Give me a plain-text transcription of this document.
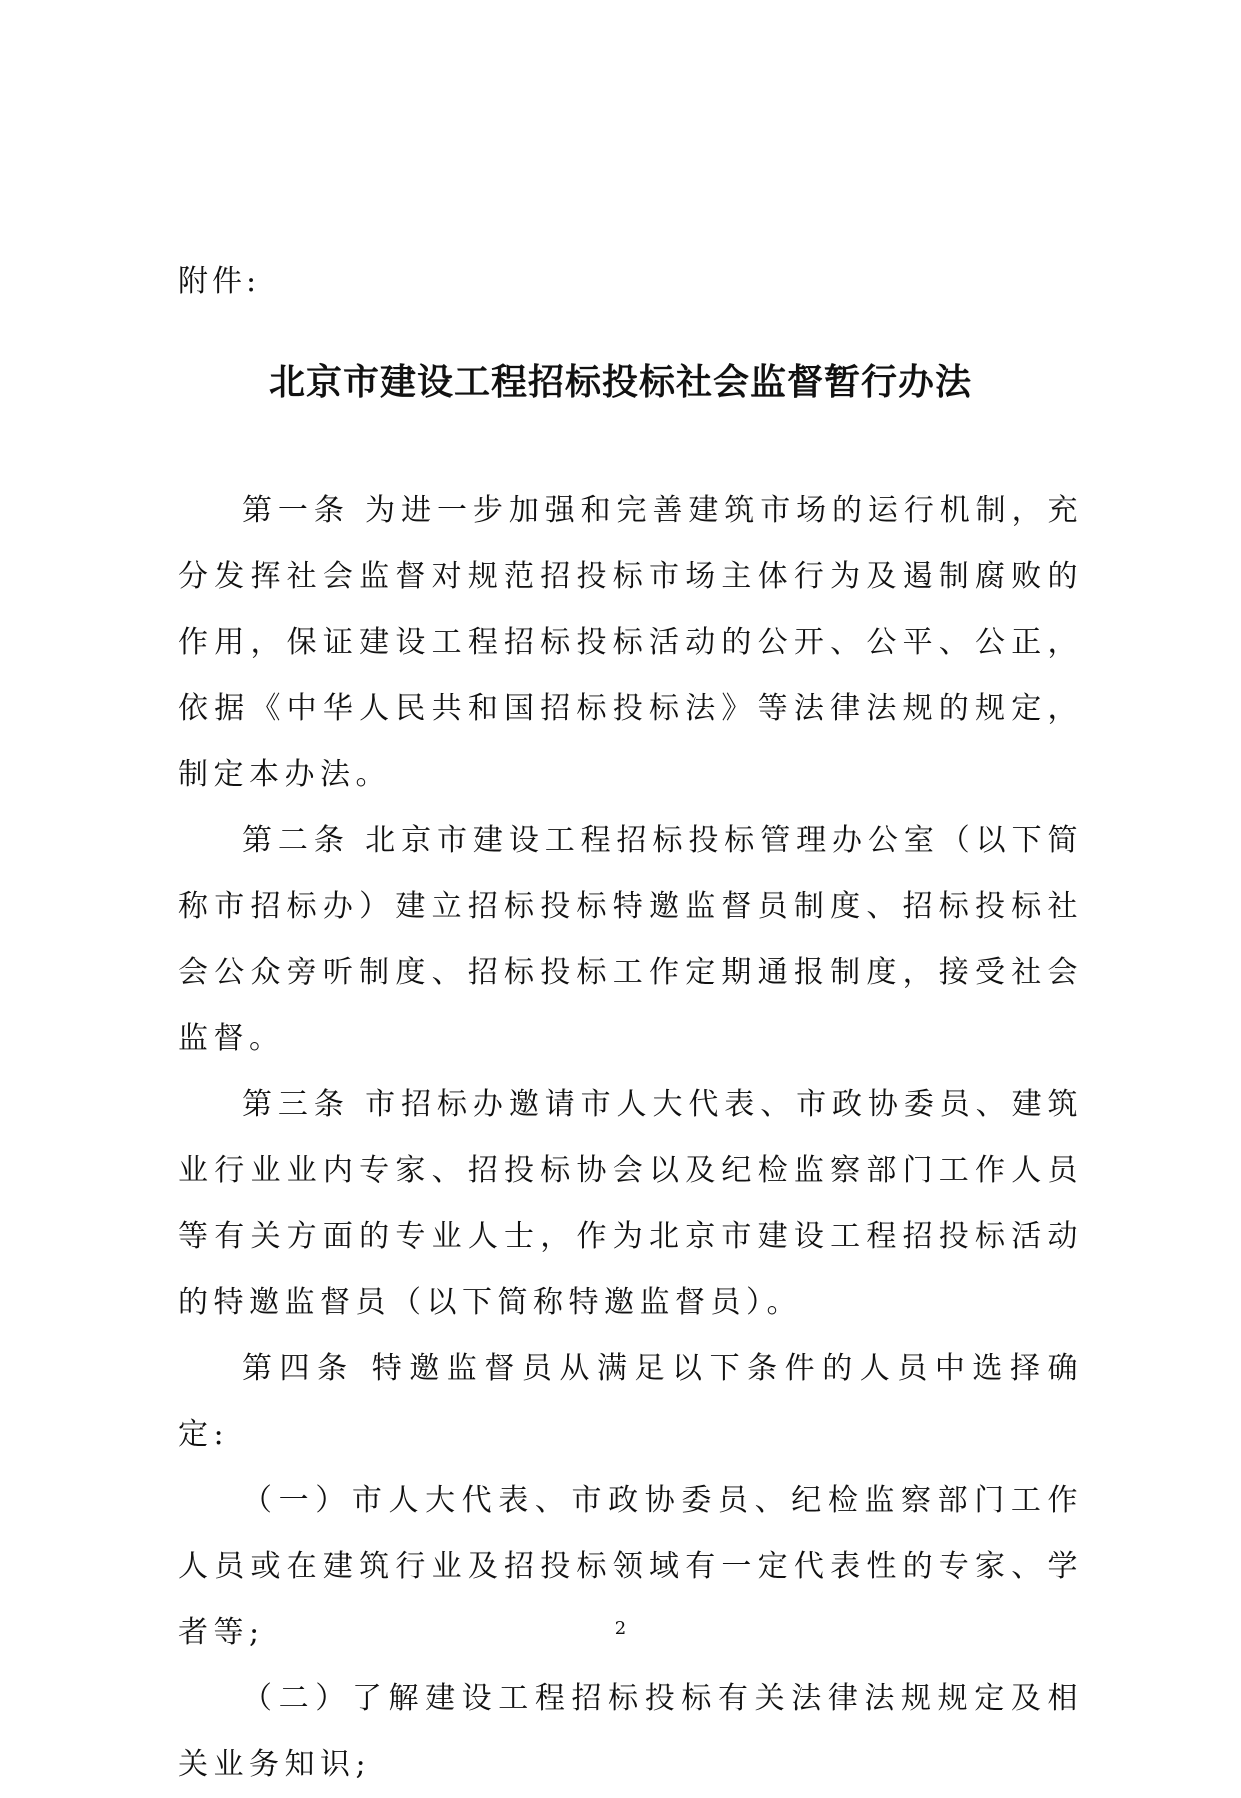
附件:
北京市建设工程招标投标社会监督暂行办法

第一条 为进一步加强和完善建筑市场的运行机制，充分发挥社会监督对规范招投标市场主体行为及遏制腐败的作用，保证建设工程招标投标活动的公开、公平、公正，依据《中华人民共和国招标投标法》等法律法规的规定，制定本办法。

第二条 北京市建设工程招标投标管理办公室（以下简称市招标办）建立招标投标特邀监督员制度、招标投标社会公众旁听制度、招标投标工作定期通报制度，接受社会监督。

第三条 市招标办邀请市人大代表、市政协委员、建筑业行业业内专家、招投标协会以及纪检监察部门工作人员等有关方面的专业人士，作为北京市建设工程招投标活动的特邀监督员（以下简称特邀监督员）。

第四条 特邀监督员从满足以下条件的人员中选择确定:

（一）市人大代表、市政协委员、纪检监察部门工作人员或在建筑行业及招投标领域有一定代表性的专家、学者等;

（二）了解建设工程招标投标有关法律法规规定及相关业务知识;

2
